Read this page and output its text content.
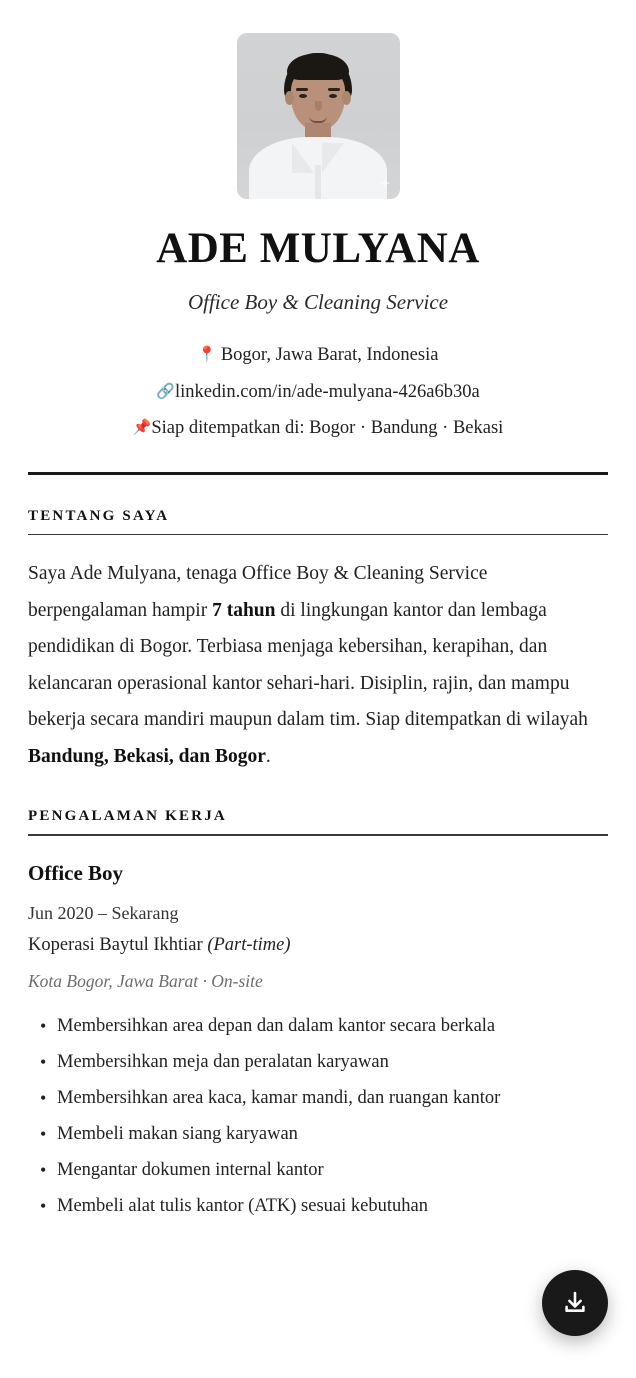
ADE MULYANA
Office Boy & Cleaning Service
📍 Bogor, Jawa Barat, Indonesia
🔗linkedin.com/in/ade-mulyana-426a6b30a
📌Siap ditempatkan di: Bogor · Bandung · Bekasi
TENTANG SAYA

Saya Ade Mulyana, tenaga Office Boy & Cleaning Service berpengalaman hampir 7 tahun di lingkungan kantor dan lembaga pendidikan di Bogor. Terbiasa menjaga kebersihan, kerapihan, dan kelancaran operasional kantor sehari-hari. Disiplin, rajin, dan mampu bekerja secara mandiri maupun dalam tim. Siap ditempatkan di wilayah Bandung, Bekasi, dan Bogor.

PENGALAMAN KERJA
Office Boy
Jun 2020 – Sekarang
Koperasi Baytul Ikhtiar (Part-time)
Kota Bogor, Jawa Barat · On-site
• Membersihkan area depan dan dalam kantor secara berkala
• Membersihkan meja dan peralatan karyawan
• Membersihkan area kaca, kamar mandi, dan ruangan kantor
• Membeli makan siang karyawan
• Mengantar dokumen internal kantor
• Membeli alat tulis kantor (ATK) sesuai kebutuhan
